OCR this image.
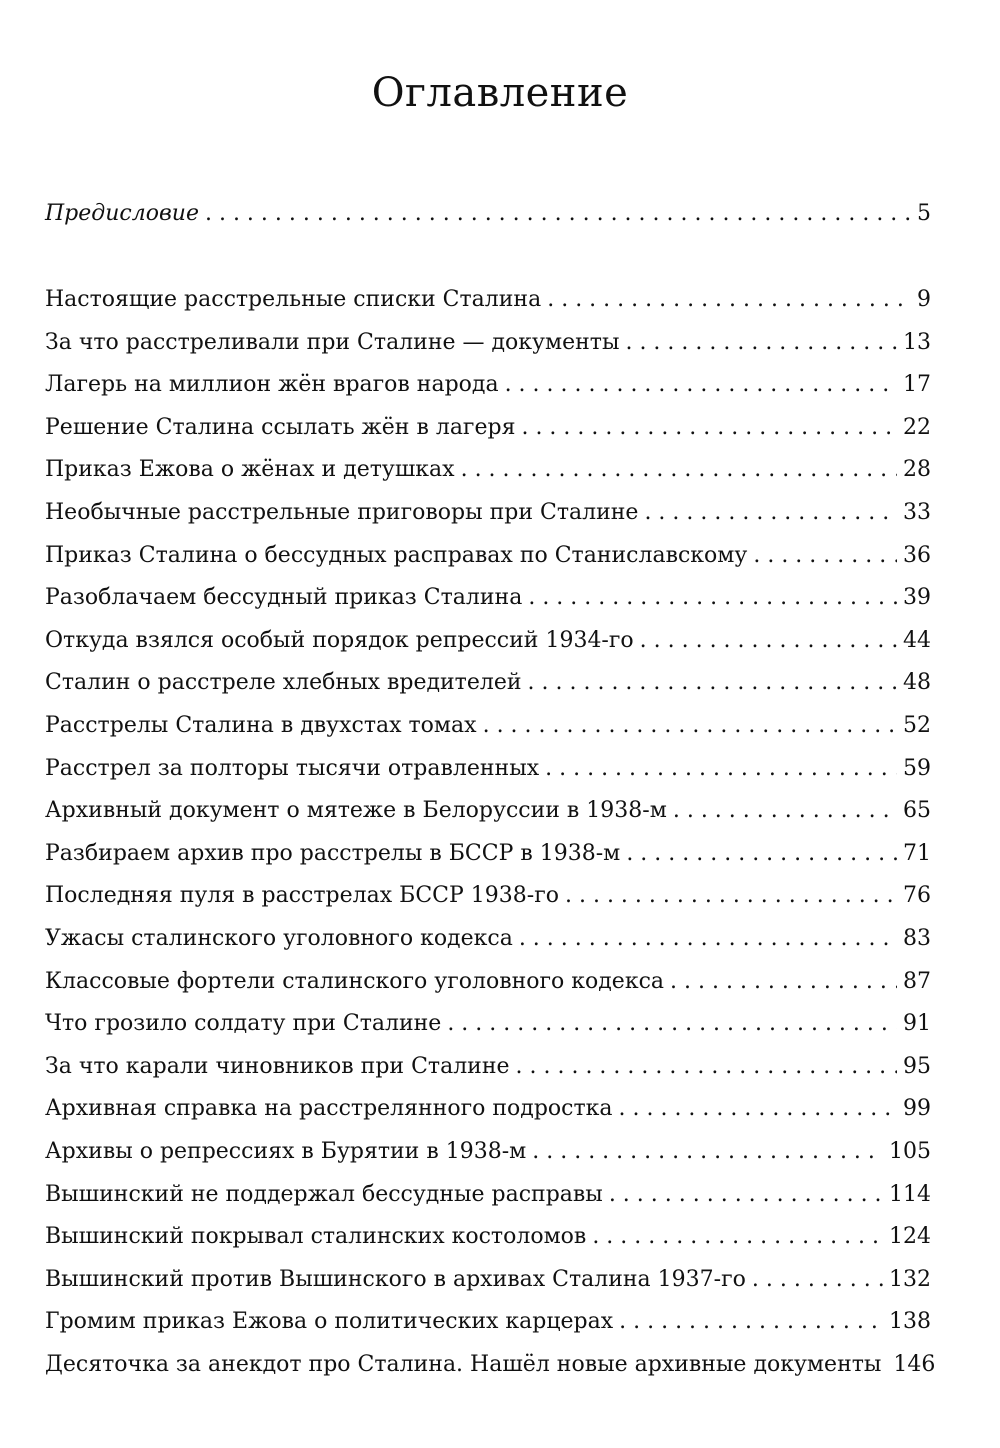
Оглавление
Предисловие . . .	5
Настоящие расстрельные списки Сталина . . .	9
За что расстреливали при Сталине — документы . . .	13
Лагерь на миллион жён врагов народа . . .	17
Решение Сталина ссылать жён в лагеря . . .	22
Приказ Ежова о жёнах и детушках . . .	28
Необычные расстрельные приговоры при Сталине . . .	33
Приказ Сталина о бессудных расправах по Станиславскому . . .	36
Разоблачаем бессудный приказ Сталина . . .	39
Откуда взялся особый порядок репрессий 1934-го . . .	44
Сталин о расстреле хлебных вредителей . . .	48
Расстрелы Сталина в двухстах томах . . .	52
Расстрел за полторы тысячи отравленных . . .	59
Архивный документ о мятеже в Белоруссии в 1938-м . . .	65
Разбираем архив про расстрелы в БССР в 1938-м . . .	71
Последняя пуля в расстрелах БССР 1938-го . . .	76
Ужасы сталинского уголовного кодекса . . .	83
Классовые фортели сталинского уголовного кодекса . . .	87
Что грозило солдату при Сталине . . .	91
За что карали чиновников при Сталине . . .	95
Архивная справка на расстрелянного подростка . . .	99
Архивы о репрессиях в Бурятии в 1938-м . . .	105
Вышинский не поддержал бессудные расправы . . .	114
Вышинский покрывал сталинских костоломов . . .	124
Вышинский против Вышинского в архивах Сталина 1937-го . . .	132
Громим приказ Ежова о политических карцерах . . .	138
Десяточка за анекдот про Сталина. Нашёл новые архивные документы 146
